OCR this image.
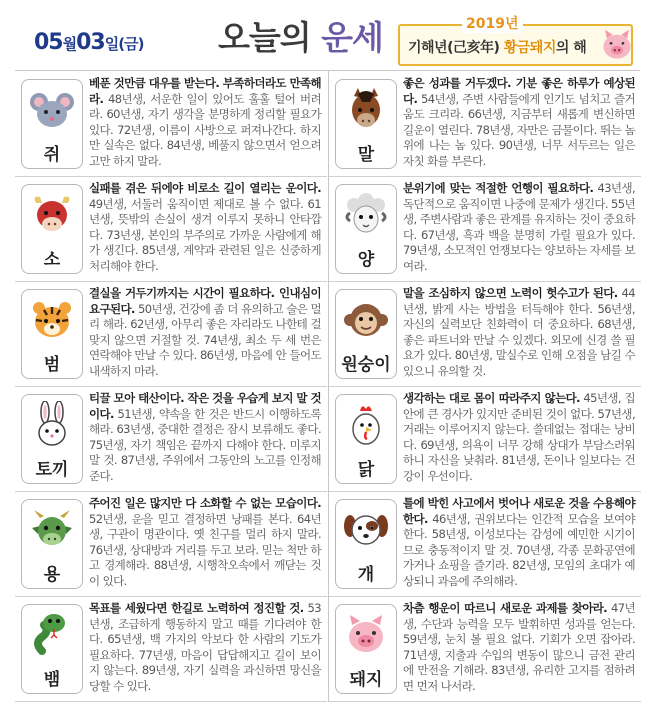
05월03일(금) 오늘의 운세	2019년
기해년(己亥年) 황금돼지의 해
쥐
베푼 것만큼 대우를 받는다. 부족하더라도 만족해라. 48년생, 서운한 일이 있어도 훌훌 털어 버려라. 60년생, 자기 생각을 분명하게 정리할 필요가 있다. 72년생, 이름이 사방으로 퍼져나간다. 하지만 실속은 없다. 84년생, 베풀지 않으면서 얻으려고만 하지 말라.	말
좋은 성과를 거두겠다. 기분 좋은 하루가 예상된다. 54년생, 주변 사람들에게 인기도 넘치고 즐거움도 크리라. 66년생, 지금부터 새롭게 변신하면 길운이 열린다. 78년생, 자만은 금물이다. 뛰는 놈 위에 나는 놈 있다. 90년생, 너무 서두르는 일은 자칫 화를 부른다.
소
실패를 겪은 뒤에야 비로소 길이 열리는 운이다. 49년생, 서둘러 움직이면 제대로 볼 수 없다. 61년생, 뜻밖의 손실이 생겨 이루지 못하니 안타깝다. 73년생, 본인의 부주의로 가까운 사람에게 해가 생긴다. 85년생, 계약과 관련된 일은 신중하게 처리해야 한다.	양
분위기에 맞는 적절한 언행이 필요하다. 43년생, 독단적으로 움직이면 나중에 문제가 생긴다. 55년생, 주변사람과 좋은 관계를 유지하는 것이 중요하다. 67년생, 흑과 백을 분명히 가릴 필요가 있다. 79년생, 소모적인 언쟁보다는 양보하는 자세를 보여라.
범
결실을 거두기까지는 시간이 필요하다. 인내심이 요구된다. 50년생, 건강에 좀 더 유의하고 술은 멀리 해라. 62년생, 아무리 좋은 자리라도 나한테 걸맞지 않으면 거절할 것. 74년생, 최소 두 세 번은 연락해야 만날 수 있다. 86년생, 마음에 안 들어도 내색하지 마라.	원숭이
말을 조심하지 않으면 노력이 헛수고가 된다. 44년생, 밝게 사는 방법을 터득해야 한다. 56년생, 자신의 실력보단 친화력이 더 중요하다. 68년생, 좋은 파트너와 만날 수 있겠다. 외모에 신경 쓸 필요가 있다. 80년생, 말실수로 인해 오점을 남길 수 있으니 유의할 것.
토끼
티끌 모아 태산이다. 작은 것을 우습게 보지 말 것이다. 51년생, 약속을 한 것은 반드시 이행하도록 해라. 63년생, 중대한 결정은 잠시 보류해도 좋다. 75년생, 자기 책임은 끝까지 다해야 한다. 미루지 말 것. 87년생, 주위에서 그동안의 노고를 인정해준다.	닭
생각하는 대로 몸이 따라주지 않는다. 45년생, 집안에 큰 경사가 있지만 준비된 것이 없다. 57년생, 거래는 이루어지지 않는다. 쓸데없는 접대는 낭비다. 69년생, 의욕이 너무 강해 상대가 부담스러워 하니 자신을 낮춰라. 81년생, 돈이나 일보다는 건강이 우선이다.
용
주어진 일은 많지만 다 소화할 수 없는 모습이다. 52년생, 운을 믿고 결정하면 낭패를 본다. 64년생, 구관이 명관이다. 옛 친구를 멀리 하지 말라. 76년생, 상대방과 거리를 두고 보라. 믿는 척만 하고 경계해라. 88년생, 시행착오속에서 깨닫는 것이 있다.	개
틀에 박힌 사고에서 벗어나 새로운 것을 수용해야 한다. 46년생, 권위보다는 인간적 모습을 보여야 한다. 58년생, 이성보다는 감성에 예민한 시기이므로 충동적이지 말 것. 70년생, 각종 문화공연에 가거나 쇼핑을 즐기라. 82년생, 모임의 초대가 예상되니 과음에 주의해라.
뱀
목표를 세웠다면 한길로 노력하여 정진할 것. 53년생, 조급하게 행동하지 말고 때를 기다려야 한다. 65년생, 백 가지의 악보다 한 사람의 기도가 필요하다. 77년생, 마음이 답답해지고 길이 보이지 않는다. 89년생, 자기 실력을 과신하면 망신을 당할 수 있다.	돼지
차츰 행운이 따르니 새로운 과제를 찾아라. 47년생, 수단과 능력을 모두 발휘하면 성과를 얻는다. 59년생, 눈치 볼 필요 없다. 기회가 오면 잡아라. 71년생, 지출과 수입의 변동이 많으니 금전 관리에 만전을 기해라. 83년생, 유리한 고지를 점하려면 먼저 나서라.
